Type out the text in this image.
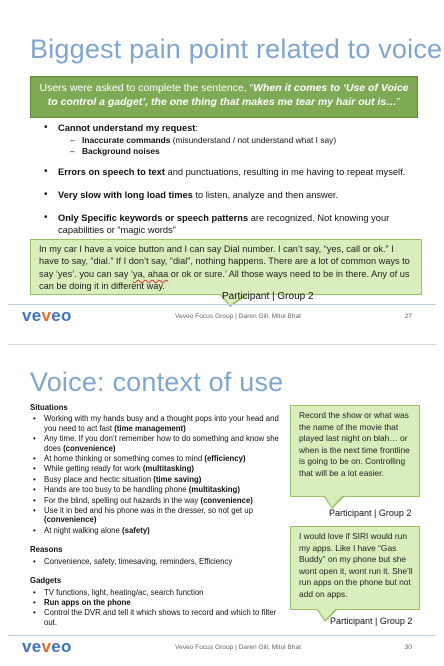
Biggest pain point related to voice
Users were asked to complete the sentence, “When it comes to ‘Use of Voice to control a gadget’, the one thing that makes me tear my hair out is…”
• Cannot understand my request:
– Inaccurate commands (misunderstand / not understand what I say)
– Background noises
• Errors on speech to text and punctuations, resulting in me having to repeat myself.
• Very slow with long load times to listen, analyze and then answer.
• Only Specific keywords or speech patterns are recognized. Not knowing your capabilities or “magic words”
In my car I have a voice button and I can say Dial number. I can’t say, “yes, call or ok.” I have to say, “dial.” If I don’t say, “dial”, nothing happens. There are a lot of common ways to say ‘yes’. you can say ‘ya, ahaa or ok or sure.’ All those ways need to be in there. Any of us can be doing it in different way.
Participant | Group 2
veveo	Veveo Focus Group | Daren Gill, Mitul Bhat	27
Voice: context of use
Situations
• Working with my hands busy and a thought pops into your head and you need to act fast (time management)
• Any time. If you don’t remember how to do something and know she does (convenience)
• At home thinking or something comes to mind (efficiency)
• While getting ready for work (multitasking)
• Busy place and hectic situation (time saving)
• Hands are too busy to be handling phone (multitasking)
• For the blind, spelling out hazards in the way (convenience)
• Use it in bed and his phone was in the dresser, so not get up (convenience)
• At night walking alone (safety)
Reasons
• Convenience, safety, timesaving, reminders, Efficiency
Gadgets
• TV functions, light, heating/ac, search function
• Run apps on the phone
• Control the DVR and tell it which shows to record and which to filter out.
Record the show or what was the name of the movie that played last night on blah… or when is the next time frontline is going to be on. Controlling that will be a lot easier.
Participant | Group 2
I would love if SIRI would run my apps. Like I have “Gas Buddy” on my phone but she wont open it, wont run it. She’ll run apps on the phone but not add on apps.
Participant | Group 2
veveo	Veveo Focus Group | Daren Gill, Mitul Bhat	30
